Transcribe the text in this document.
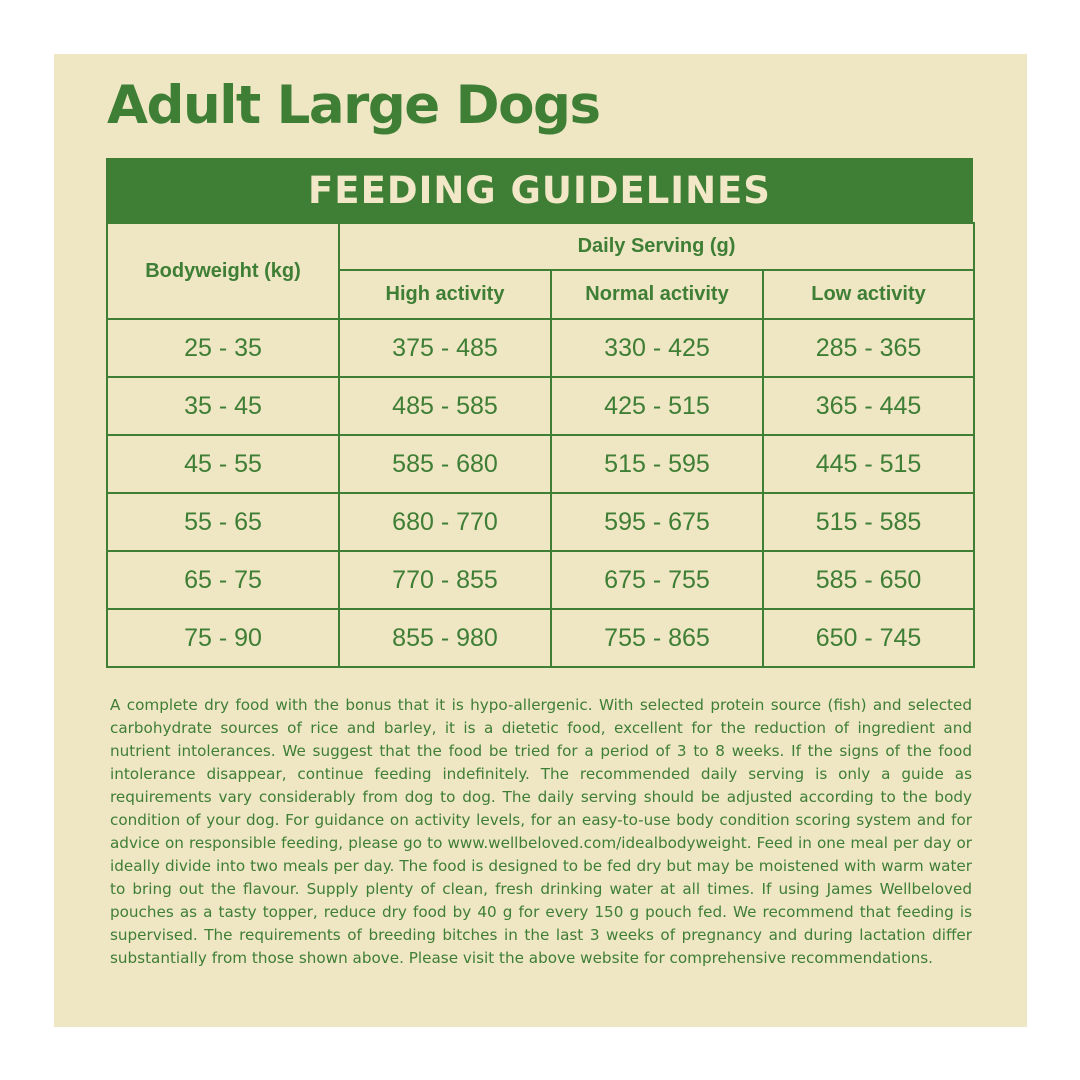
Adult Large Dogs
FEEDING GUIDELINES
Bodyweight (kg)	Daily Serving (g)		
	High activity	Normal activity	Low activity
25 - 35	375 - 485	330 - 425	285 - 365
35 - 45	485 - 585	425 - 515	365 - 445
45 - 55	585 - 680	515 - 595	445 - 515
55 - 65	680 - 770	595 - 675	515 - 585
65 - 75	770 - 855	675 - 755	585 - 650
75 - 90	855 - 980	755 - 865	650 - 745

A complete dry food with the bonus that it is hypo-allergenic. With selected protein source (fish) and selected carbohydrate sources of rice and barley, it is a dietetic food, excellent for the reduction of ingredient and nutrient intolerances. We suggest that the food be tried for a period of 3 to 8 weeks. If the signs of the food intolerance disappear, continue feeding indefinitely. The recommended daily serving is only a guide as requirements vary considerably from dog to dog. The daily serving should be adjusted according to the body condition of your dog. For guidance on activity levels, for an easy-to-use body condition scoring system and for advice on responsible feeding, please go to www.wellbeloved.com/idealbodyweight. Feed in one meal per day or ideally divide into two meals per day. The food is designed to be fed dry but may be moistened with warm water to bring out the flavour. Supply plenty of clean, fresh drinking water at all times. If using James Wellbeloved pouches as a tasty topper, reduce dry food by 40 g for every 150 g pouch fed. We recommend that feeding is supervised. The requirements of breeding bitches in the last 3 weeks of pregnancy and during lactation differ substantially from those shown above. Please visit the above website for comprehensive recommendations.
